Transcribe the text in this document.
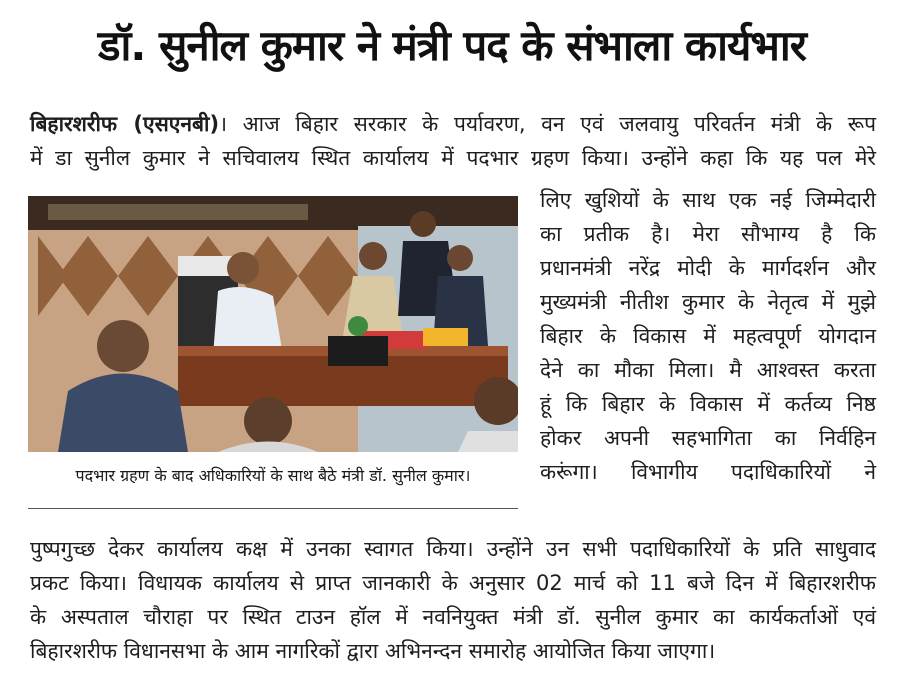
डॉ. सुनील कुमार ने मंत्री पद के संभाला कार्यभार
बिहारशरीफ (एसएनबी)। आज बिहार सरकार के पर्यावरण, वन एवं जलवायु परिवर्तन मंत्री के रूप
में डा सुनील कुमार ने सचिवालय स्थित कार्यालय में पदभार ग्रहण किया। उन्होंने कहा कि यह पल मेरे
लिए खुशियों के साथ एक नई जिम्मेदारी
का प्रतीक है। मेरा सौभाग्य है कि
प्रधानमंत्री नरेंद्र मोदी के मार्गदर्शन और
मुख्यमंत्री नीतीश कुमार के नेतृत्व में मुझे
बिहार के विकास में महत्वपूर्ण योगदान
देने का मौका मिला। मै आश्वस्त करता
हूं कि बिहार के विकास में कर्तव्य निष्ठ
होकर अपनी सहभागिता का निर्वहिन
करूंगा। विभागीय पदाधिकारियों ने
पदभार ग्रहण के बाद अधिकारियों के साथ बैठे मंत्री डॉ. सुनील कुमार।
पुष्पगुच्छ देकर कार्यालय कक्ष में उनका स्वागत किया। उन्होंने उन सभी पदाधिकारियों के प्रति साधुवाद
प्रकट किया। विधायक कार्यालय से प्राप्त जानकारी के अनुसार 02 मार्च को 11 बजे दिन में बिहारशरीफ
के अस्पताल चौराहा पर स्थित टाउन हॉल में नवनियुक्त मंत्री डॉ. सुनील कुमार का कार्यकर्ताओं एवं
बिहारशरीफ विधानसभा के आम नागरिकों द्वारा अभिनन्दन समारोह आयोजित किया जाएगा।
